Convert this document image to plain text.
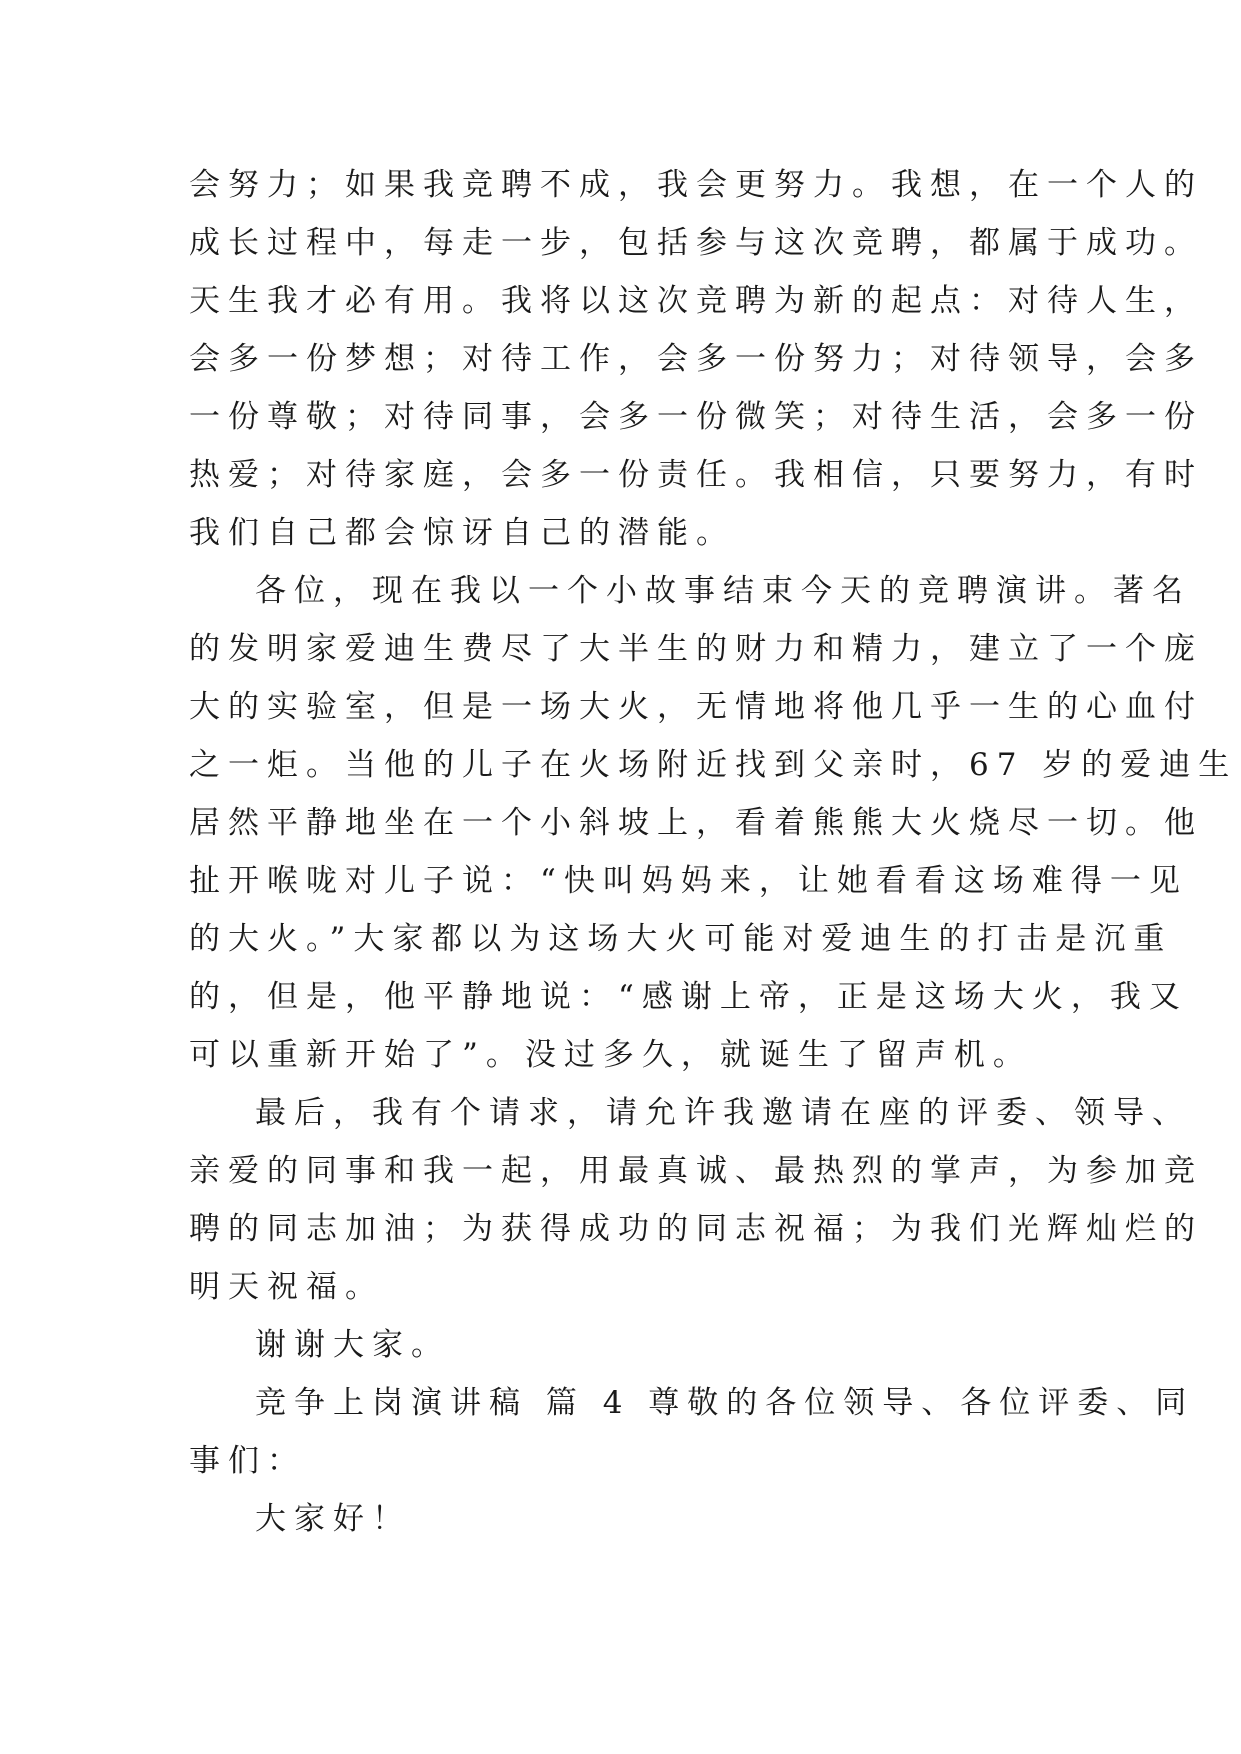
会努力；如果我竞聘不成，我会更努力。我想，在一个人的
成长过程中，每走一步，包括参与这次竞聘，都属于成功。
天生我才必有用。我将以这次竞聘为新的起点：对待人生，
会多一份梦想；对待工作，会多一份努力；对待领导，会多
一份尊敬；对待同事，会多一份微笑；对待生活，会多一份
热爱；对待家庭，会多一份责任。我相信，只要努力，有时
我们自己都会惊讶自己的潜能。
各位，现在我以一个小故事结束今天的竞聘演讲。著名
的发明家爱迪生费尽了大半生的财力和精力，建立了一个庞
大的实验室，但是一场大火，无情地将他几乎一生的心血付
之一炬。当他的儿子在火场附近找到父亲时，67 岁的爱迪生
居然平静地坐在一个小斜坡上，看着熊熊大火烧尽一切。他
扯开喉咙对儿子说：“快叫妈妈来，让她看看这场难得一见
的大火。”大家都以为这场大火可能对爱迪生的打击是沉重
的，但是，他平静地说：“感谢上帝，正是这场大火，我又
可以重新开始了”。没过多久，就诞生了留声机。
最后，我有个请求，请允许我邀请在座的评委、领导、
亲爱的同事和我一起，用最真诚、最热烈的掌声，为参加竞
聘的同志加油；为获得成功的同志祝福；为我们光辉灿烂的
明天祝福。
谢谢大家。
竞争上岗演讲稿 篇 4 尊敬的各位领导、各位评委、同
事们：
大家好！
